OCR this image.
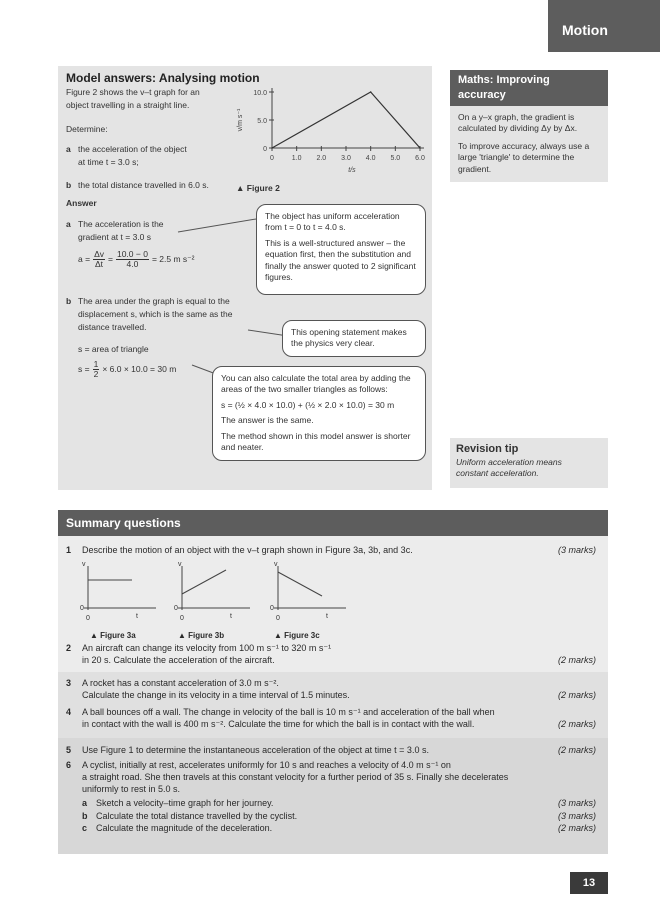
Motion
Model answers: Analysing motion
Figure 2 shows the v–t graph for an
object travelling in a straight line.
Determine:
a the acceleration of the object
at time t = 3.0 s;
b the total distance travelled in 6.0 s.
10.0
5.0
0
0	1.0 2.0 3.0 4.0 5.0 6.0
v/m s⁻¹
t/s
▲ Figure 2
Answer
a The acceleration is the
gradient at t = 3.0 s
$a = \frac{\Delta v}{\Delta t} = \frac{10.0 - 0}{4.0} = 2.5$ m s⁻²
b The area under the graph is equal to the
displacement s, which is the same as the
distance travelled.
s = area of triangle
$s = \frac{1}{2} \times 6.0 \times 10.0 = 30$ m

The object has uniform acceleration from t = 0 to t = 4.0 s.

This is a well-structured answer – the equation first, then the substitution and finally the answer quoted to 2 significant figures.

This opening statement makes the physics very clear.

You can also calculate the total area by adding the areas of the two smaller triangles as follows:

s = (½ × 4.0 × 10.0) + (½ × 2.0 × 10.0) = 30 m

The answer is the same.

The method shown in this model answer is shorter and neater.

Maths: Improving accuracy

On a y–x graph, the gradient is calculated by dividing Δy by Δx.

To improve accuracy, always use a large 'triangle' to determine the gradient.

Revision tip
Uniform acceleration means
constant acceleration.
Summary questions
1 Describe the motion of an object with the v–t graph shown in Figure 3a, 3b, and 3c.	(3 marks)
v
t
0
0
▲ Figure 3a
v
t
0
0
▲ Figure 3b
v
t
0
0
▲ Figure 3c
2 An aircraft can change its velocity from 100 m s⁻¹ to 320 m s⁻¹
in 20 s. Calculate the acceleration of the aircraft.	(2 marks)
3 A rocket has a constant acceleration of 3.0 m s⁻².
Calculate the change in its velocity in a time interval of 1.5 minutes.	(2 marks)
4 A ball bounces off a wall. The change in velocity of the ball is 10 m s⁻¹ and acceleration of the ball when
in contact with the wall is 400 m s⁻². Calculate the time for which the ball is in contact with the wall.	(2 marks)
5 Use Figure 1 to determine the instantaneous acceleration of the object at time t = 3.0 s.	(2 marks)
6 A cyclist, initially at rest, accelerates uniformly for 10 s and reaches a velocity of 4.0 m s⁻¹ on
a straight road. She then travels at this constant velocity for a further period of 35 s. Finally she decelerates
uniformly to rest in 5.0 s.
a Sketch a velocity–time graph for her journey.	(3 marks)
b Calculate the total distance travelled by the cyclist.	(3 marks)
c Calculate the magnitude of the deceleration.	(2 marks)
13
